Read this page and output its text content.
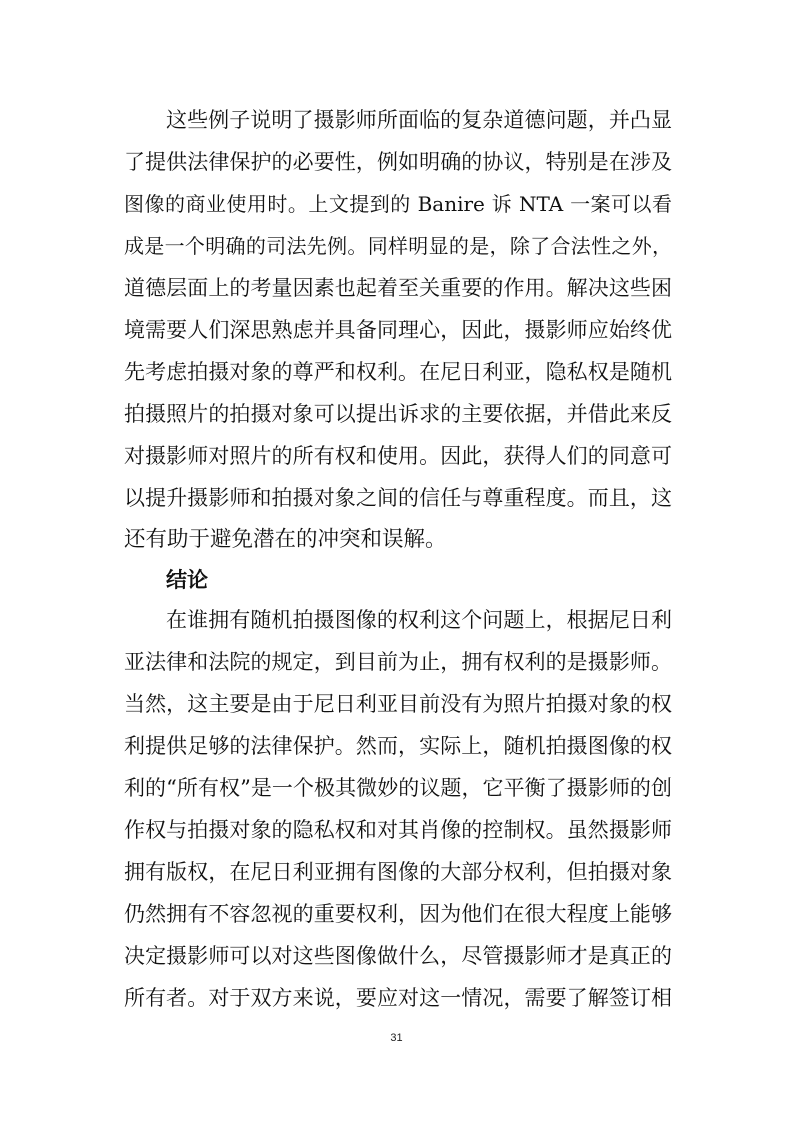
这些例子说明了摄影师所面临的复杂道德问题，并凸显
了提供法律保护的必要性，例如明确的协议，特别是在涉及
图像的商业使用时。上文提到的 Banire 诉 NTA 一案可以看
成是一个明确的司法先例。同样明显的是，除了合法性之外，
道德层面上的考量因素也起着至关重要的作用。解决这些困
境需要人们深思熟虑并具备同理心，因此，摄影师应始终优
先考虑拍摄对象的尊严和权利。在尼日利亚，隐私权是随机
拍摄照片的拍摄对象可以提出诉求的主要依据，并借此来反
对摄影师对照片的所有权和使用。因此，获得人们的同意可
以提升摄影师和拍摄对象之间的信任与尊重程度。而且，这
还有助于避免潜在的冲突和误解。
结论
在谁拥有随机拍摄图像的权利这个问题上，根据尼日利
亚法律和法院的规定，到目前为止，拥有权利的是摄影师。
当然，这主要是由于尼日利亚目前没有为照片拍摄对象的权
利提供足够的法律保护。然而，实际上，随机拍摄图像的权
利的“所有权”是一个极其微妙的议题，它平衡了摄影师的创
作权与拍摄对象的隐私权和对其肖像的控制权。虽然摄影师
拥有版权，在尼日利亚拥有图像的大部分权利，但拍摄对象
仍然拥有不容忽视的重要权利，因为他们在很大程度上能够
决定摄影师可以对这些图像做什么，尽管摄影师才是真正的
所有者。对于双方来说，要应对这一情况，需要了解签订相
31
